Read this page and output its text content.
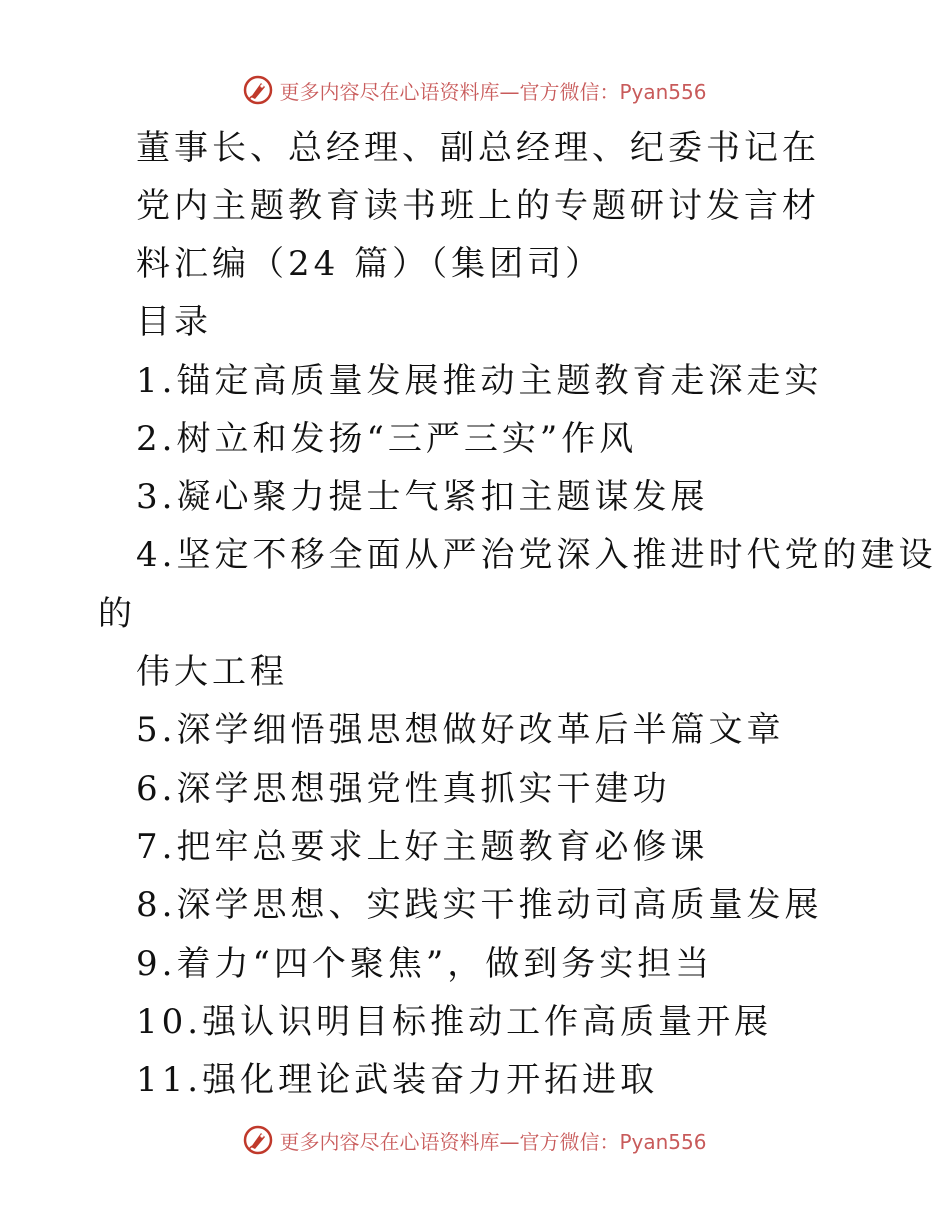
更多内容尽在心语资料库—官方微信：Pyan556
董事长、总经理、副总经理、纪委书记在
党内主题教育读书班上的专题研讨发言材
料汇编（24 篇）（集团司）
目录
1.锚定高质量发展推动主题教育走深走实
2.树立和发扬“三严三实”作风
3.凝心聚力提士气紧扣主题谋发展
4.坚定不移全面从严治党深入推进时代党的建设
的
伟大工程
5.深学细悟强思想做好改革后半篇文章
6.深学思想强党性真抓实干建功
7.把牢总要求上好主题教育必修课
8.深学思想、实践实干推动司高质量发展
9.着力“四个聚焦”，做到务实担当
10.强认识明目标推动工作高质量开展
11.强化理论武装奋力开拓进取
更多内容尽在心语资料库—官方微信：Pyan556
